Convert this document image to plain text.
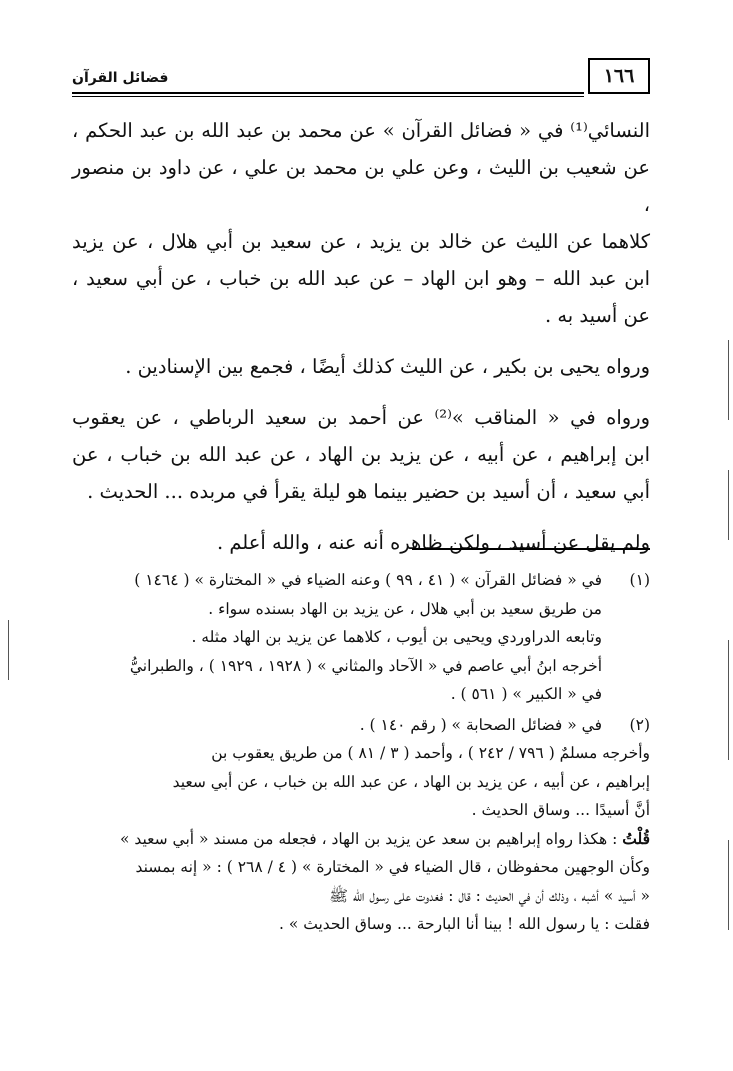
١٦٦
فضائل القرآن

النسائي⁽¹⁾ في « فضائل القرآن » عن محمد بن عبد الله بن عبد الحكم ،
عن شعيب بن الليث ، وعن علي بن محمد بن علي ، عن داود بن منصور ،
كلاهما عن الليث عن خالد بن يزيد ، عن سعيد بن أبي هلال ، عن يزيد
ابن عبد الله – وهو ابن الهاد – عن عبد الله بن خباب ، عن أبي سعيد ،
عن أسيد به .

ورواه يحيى بن بكير ، عن الليث كذلك أيضًا ، فجمع بين الإسنادين .

ورواه في « المناقب »⁽²⁾ عن أحمد بن سعيد الرباطي ، عن يعقوب
ابن إبراهيم ، عن أبيه ، عن يزيد بن الهاد ، عن عبد الله بن خباب ، عن
أبي سعيد ، أن أسيد بن حضير بينما هو ليلة يقرأ في مربده ... الحديث .

ولم يقل عن أسيد ، ولكن ظاهره أنه عنه ، والله أعلم .

(١)
في « فضائل القرآن » ( ٤١ ، ٩٩ ) وعنه الضياء في « المختارة » ( ١٤٦٤ )
من طريق سعيد بن أبي هلال ، عن يزيد بن الهاد بسنده سواء .
وتابعه الدراوردي ويحيى بن أيوب ، كلاهما عن يزيد بن الهاد مثله .
أخرجه ابنُ أبي عاصم في « الآحاد والمثاني » ( ١٩٢٨ ، ١٩٢٩ ) ، والطبرانيُّ
في « الكبير » ( ٥٦١ ) .
(٢)
في « فضائل الصحابة » ( رقم ١٤٠ ) .
وأخرجه مسلمٌ ( ٧٩٦ / ٢٤٢ ) ، وأحمد ( ٣ / ٨١ ) من طريق يعقوب بن
إبراهيم ، عن أبيه ، عن يزيد بن الهاد ، عن عبد الله بن خباب ، عن أبي سعيد
أنَّ أسيدًا ... وساق الحديث .
قُلْتُ : هكذا رواه إبراهيم بن سعد عن يزيد بن الهاد ، فجعله من مسند « أبي سعيد »
وكأن الوجهين محفوظان ، قال الضياء في « المختارة » ( ٤ / ٢٦٨ ) : « إنه بمسند
« أسيد » أشبه ، وذلك أن في الحديث : قال : فغدوت على رسول الله ﷺ
فقلت : يا رسول الله ! بينا أنا البارحة ... وساق الحديث » .
